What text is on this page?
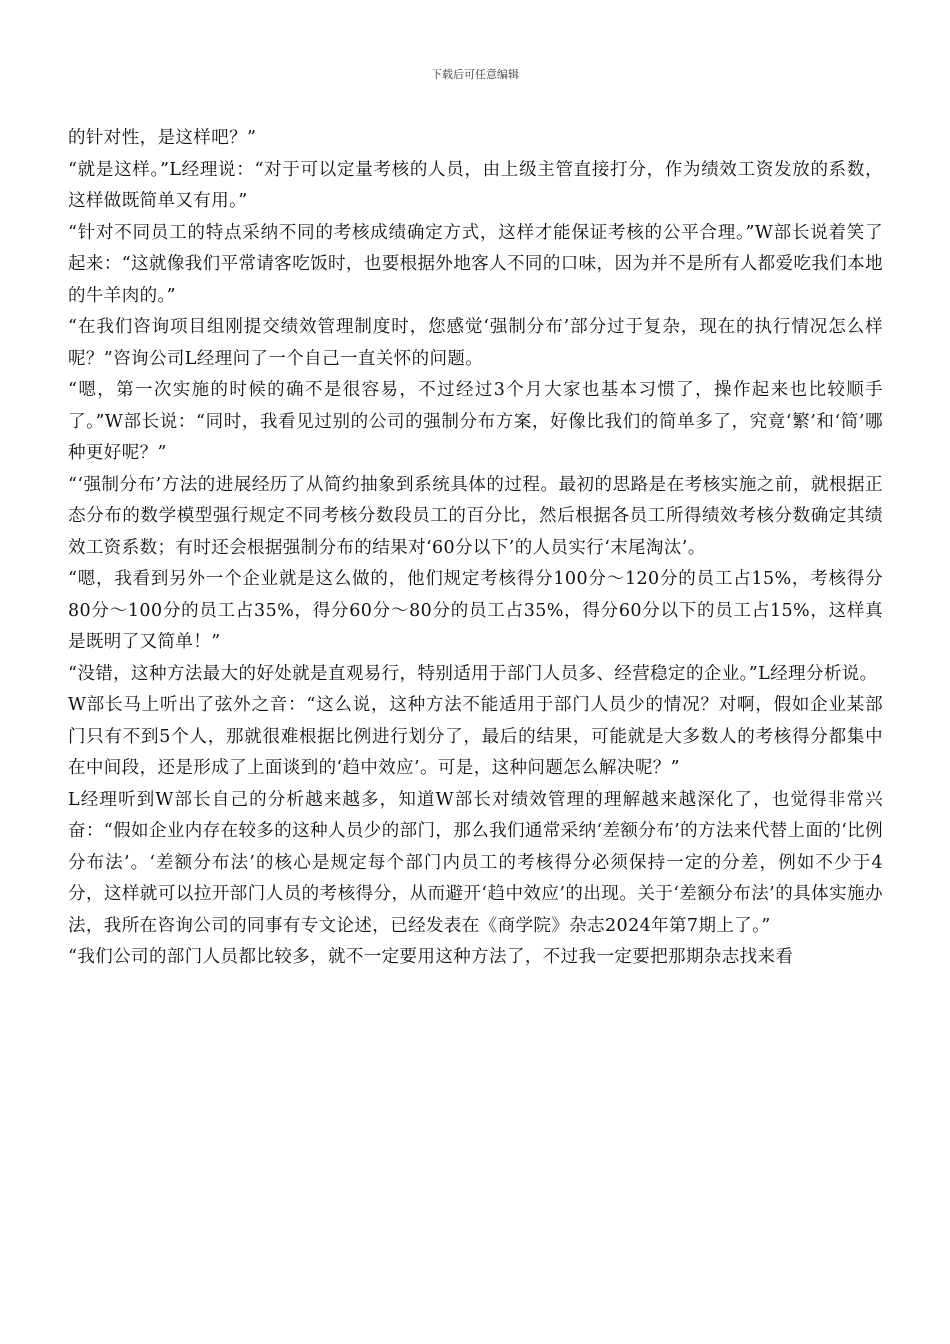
下载后可任意编辑

的针对性，是这样吧？”

“就是这样。”L经理说：“对于可以定量考核的人员，由上级主管直接打分，作为绩效工资发放的系数，这样做既简单又有用。”

“针对不同员工的特点采纳不同的考核成绩确定方式，这样才能保证考核的公平合理。”W部长说着笑了起来：“这就像我们平常请客吃饭时，也要根据外地客人不同的口味，因为并不是所有人都爱吃我们本地的牛羊肉的。”

“在我们咨询项目组刚提交绩效管理制度时，您感觉‘强制分布’部分过于复杂，现在的执行情况怎么样呢？”咨询公司L经理问了一个自己一直关怀的问题。

“嗯，第一次实施的时候的确不是很容易，不过经过3个月大家也基本习惯了，操作起来也比较顺手了。”W部长说：“同时，我看见过别的公司的强制分布方案，好像比我们的简单多了，究竟‘繁’和‘简’哪种更好呢？”

“‘强制分布’方法的进展经历了从简约抽象到系统具体的过程。最初的思路是在考核实施之前，就根据正态分布的数学模型强行规定不同考核分数段员工的百分比，然后根据各员工所得绩效考核分数确定其绩效工资系数；有时还会根据强制分布的结果对‘60分以下’的人员实行‘末尾淘汰’。

“嗯，我看到另外一个企业就是这么做的，他们规定考核得分100分～120分的员工占15%，考核得分80分～100分的员工占35%，得分60分～80分的员工占35%，得分60分以下的员工占15%，这样真是既明了又简单！”

“没错，这种方法最大的好处就是直观易行，特别适用于部门人员多、经营稳定的企业。”L经理分析说。

W部长马上听出了弦外之音：“这么说，这种方法不能适用于部门人员少的情况？对啊，假如企业某部门只有不到5个人，那就很难根据比例进行划分了，最后的结果，可能就是大多数人的考核得分都集中在中间段，还是形成了上面谈到的‘趋中效应’。可是，这种问题怎么解决呢？”

L经理听到W部长自己的分析越来越多，知道W部长对绩效管理的理解越来越深化了，也觉得非常兴奋：“假如企业内存在较多的这种人员少的部门，那么我们通常采纳‘差额分布’的方法来代替上面的‘比例分布法’。‘差额分布法’的核心是规定每个部门内员工的考核得分必须保持一定的分差，例如不少于4分，这样就可以拉开部门人员的考核得分，从而避开‘趋中效应’的出现。关于‘差额分布法’的具体实施办法，我所在咨询公司的同事有专文论述，已经发表在《商学院》杂志2024年第7期上了。”

“我们公司的部门人员都比较多，就不一定要用这种方法了，不过我一定要把那期杂志找来看
